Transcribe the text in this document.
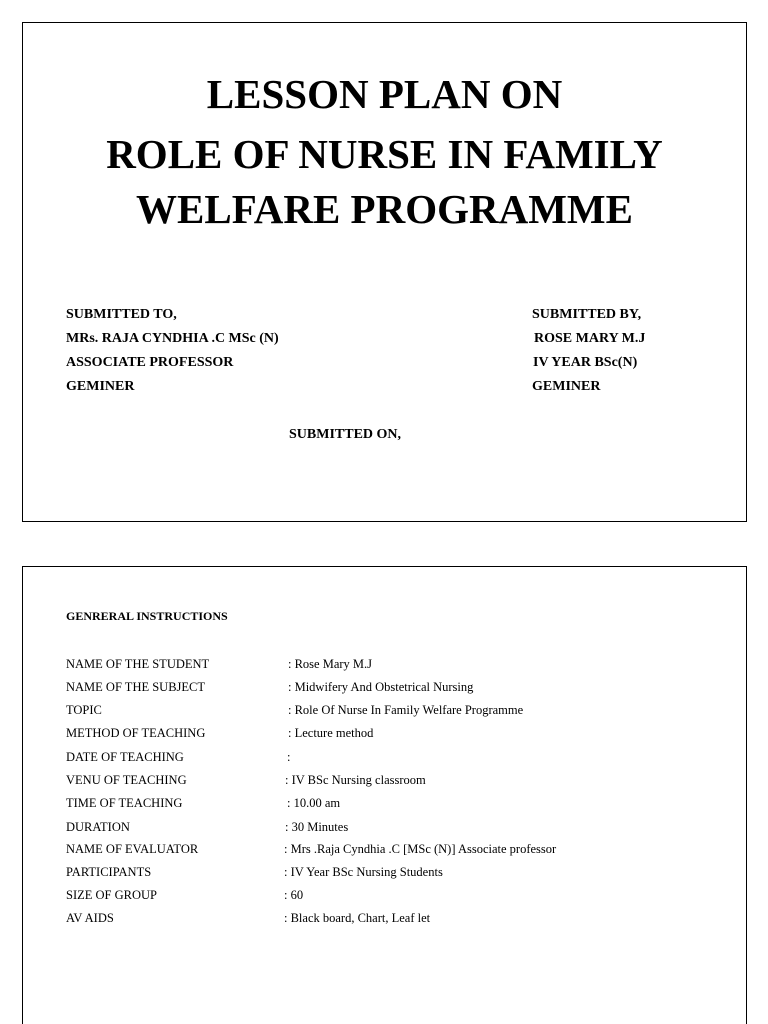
LESSON PLAN ON
ROLE OF NURSE IN FAMILY
WELFARE PROGRAMME
SUBMITTED TO,
MRs. RAJA CYNDHIA .C MSc (N)
ASSOCIATE PROFESSOR
GEMINER
SUBMITTED BY,
ROSE MARY M.J
IV YEAR BSc(N)
GEMINER
SUBMITTED ON,
GENRERAL INSTRUCTIONS
NAME OF THE STUDENT	: Rose Mary M.J
NAME OF THE SUBJECT	: Midwifery And Obstetrical Nursing
TOPIC	: Role Of Nurse In Family Welfare Programme
METHOD OF TEACHING	: Lecture method
DATE OF TEACHING	:
VENU OF TEACHING	: IV BSc Nursing classroom
TIME OF TEACHING	: 10.00 am
DURATION	: 30 Minutes
NAME OF EVALUATOR	: Mrs .Raja Cyndhia .C [MSc (N)] Associate professor
PARTICIPANTS	: IV Year BSc Nursing Students
SIZE OF GROUP	: 60
AV AIDS	: Black board, Chart, Leaf let
